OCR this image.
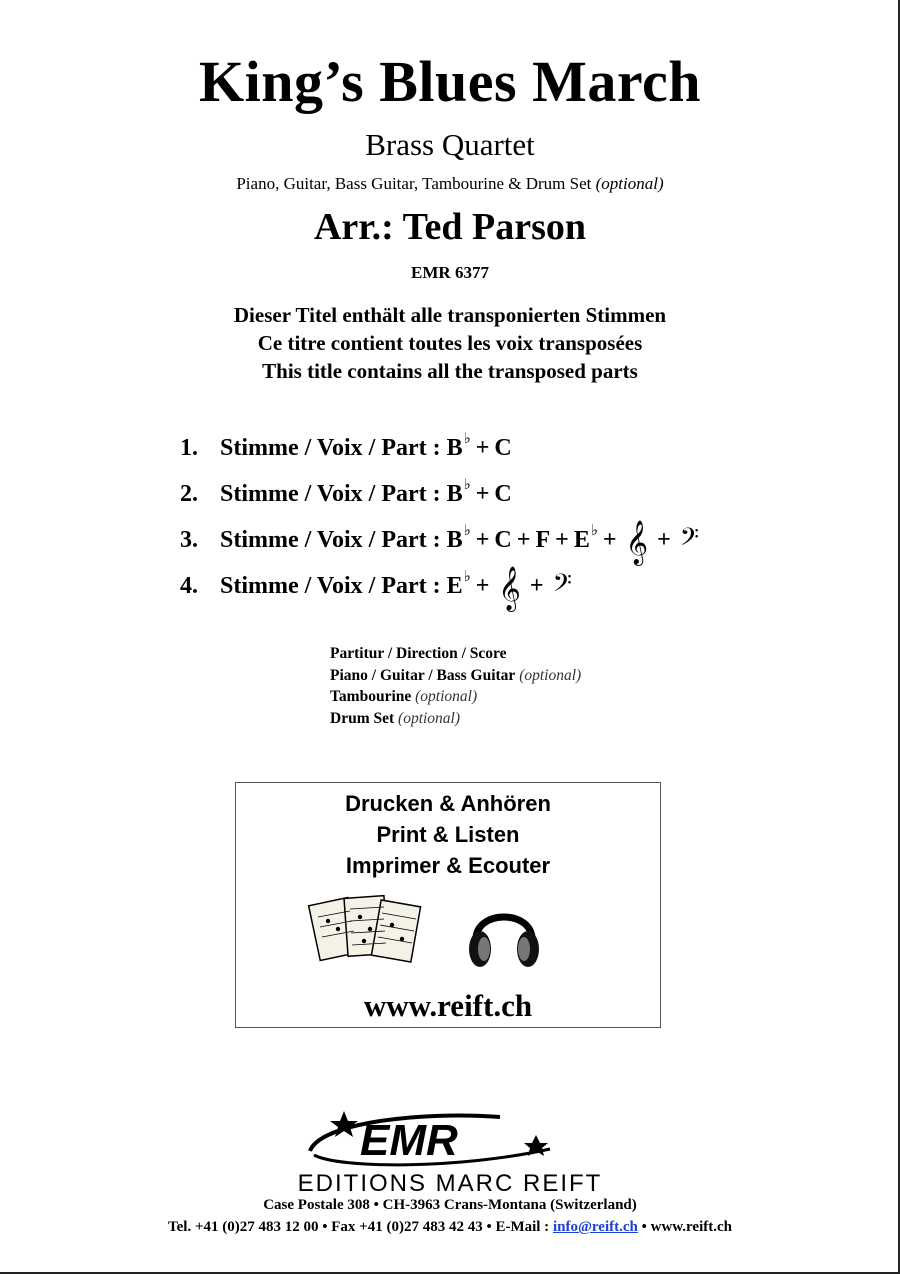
King’s Blues March
Brass Quartet
Piano, Guitar, Bass Guitar, Tambourine & Drum Set (optional)
Arr.: Ted Parson
EMR 6377
Dieser Titel enthält alle transponierten Stimmen
Ce titre contient toutes les voix transposées
This title contains all the transposed parts
1. Stimme / Voix / Part :
B ♭ + C
2. Stimme / Voix / Part :
B ♭ + C
3. Stimme / Voix / Part :
B ♭ + C + F + E ♭ + 𝄞 + 𝄢
4. Stimme / Voix / Part :
E ♭ + 𝄞 + 𝄢
Partitur / Direction / Score
Piano / Guitar / Bass Guitar (optional)
Tambourine (optional)
Drum Set (optional)
Drucken & Anhören
Print & Listen
Imprimer & Ecouter
www.reift.ch
EMR
EDITIONS MARC REIFT
Case Postale 308 • CH-3963 Crans-Montana (Switzerland)
Tel. +41 (0)27 483 12 00 • Fax +41 (0)27 483 42 43 • E-Mail : info@reift.ch • www.reift.ch
